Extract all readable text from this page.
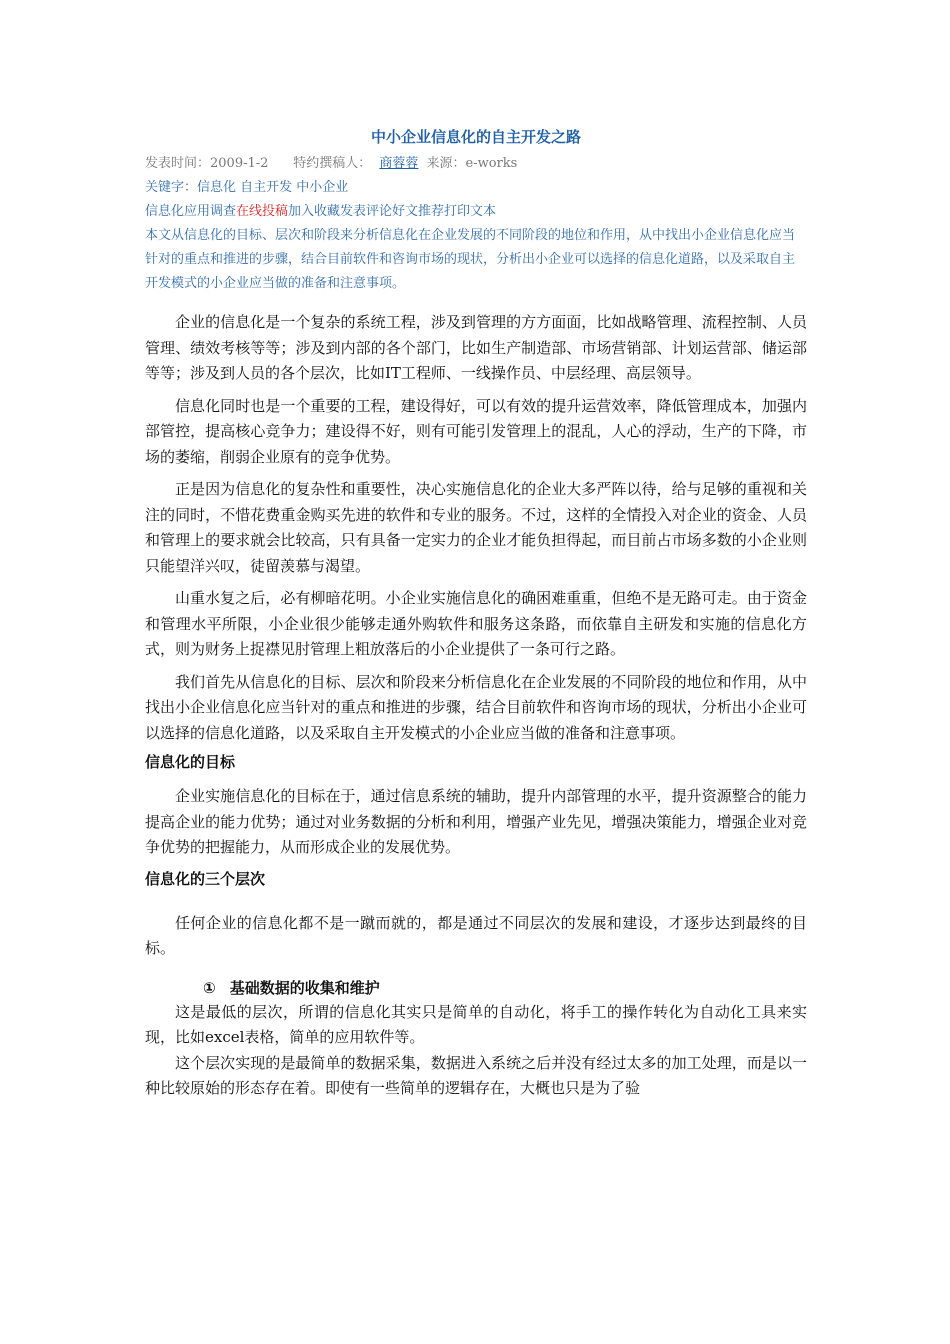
中小企业信息化的自主开发之路
发表时间：2009-1-2 特约撰稿人： 商蓉蓉 来源：e-works
关键字：信息化 自主开发 中小企业
信息化应用调查在线投稿加入收藏发表评论好文推荐打印文本
本文从信息化的目标、层次和阶段来分析信息化在企业发展的不同阶段的地位和作用，从中找出小企业信息化应当针对的重点和推进的步骤，结合目前软件和咨询市场的现状，分析出小企业可以选择的信息化道路，以及采取自主开发模式的小企业应当做的准备和注意事项。

企业的信息化是一个复杂的系统工程，涉及到管理的方方面面，比如战略管理、流程控制、人员管理、绩效考核等等；涉及到内部的各个部门，比如生产制造部、市场营销部、计划运营部、储运部等等；涉及到人员的各个层次，比如IT工程师、一线操作员、中层经理、高层领导。

信息化同时也是一个重要的工程，建设得好，可以有效的提升运营效率，降低管理成本，加强内部管控，提高核心竞争力；建设得不好，则有可能引发管理上的混乱，人心的浮动，生产的下降，市场的萎缩，削弱企业原有的竞争优势。

正是因为信息化的复杂性和重要性，决心实施信息化的企业大多严阵以待，给与足够的重视和关注的同时，不惜花费重金购买先进的软件和专业的服务。不过，这样的全情投入对企业的资金、人员和管理上的要求就会比较高，只有具备一定实力的企业才能负担得起，而目前占市场多数的小企业则只能望洋兴叹，徒留羡慕与渴望。

山重水复之后，必有柳暗花明。小企业实施信息化的确困难重重，但绝不是无路可走。由于资金和管理水平所限，小企业很少能够走通外购软件和服务这条路，而依靠自主研发和实施的信息化方式，则为财务上捉襟见肘管理上粗放落后的小企业提供了一条可行之路。

我们首先从信息化的目标、层次和阶段来分析信息化在企业发展的不同阶段的地位和作用，从中找出小企业信息化应当针对的重点和推进的步骤，结合目前软件和咨询市场的现状，分析出小企业可以选择的信息化道路，以及采取自主开发模式的小企业应当做的准备和注意事项。

信息化的目标

企业实施信息化的目标在于，通过信息系统的辅助，提升内部管理的水平，提升资源整合的能力提高企业的能力优势；通过对业务数据的分析和利用，增强产业先见，增强决策能力，增强企业对竞争优势的把握能力，从而形成企业的发展优势。

信息化的三个层次

任何企业的信息化都不是一蹴而就的，都是通过不同层次的发展和建设，才逐步达到最终的目标。

① 基础数据的收集和维护

这是最低的层次，所谓的信息化其实只是简单的自动化，将手工的操作转化为自动化工具来实现，比如excel表格，简单的应用软件等。

这个层次实现的是最简单的数据采集，数据进入系统之后并没有经过太多的加工处理，而是以一种比较原始的形态存在着。即使有一些简单的逻辑存在，大概也只是为了验
